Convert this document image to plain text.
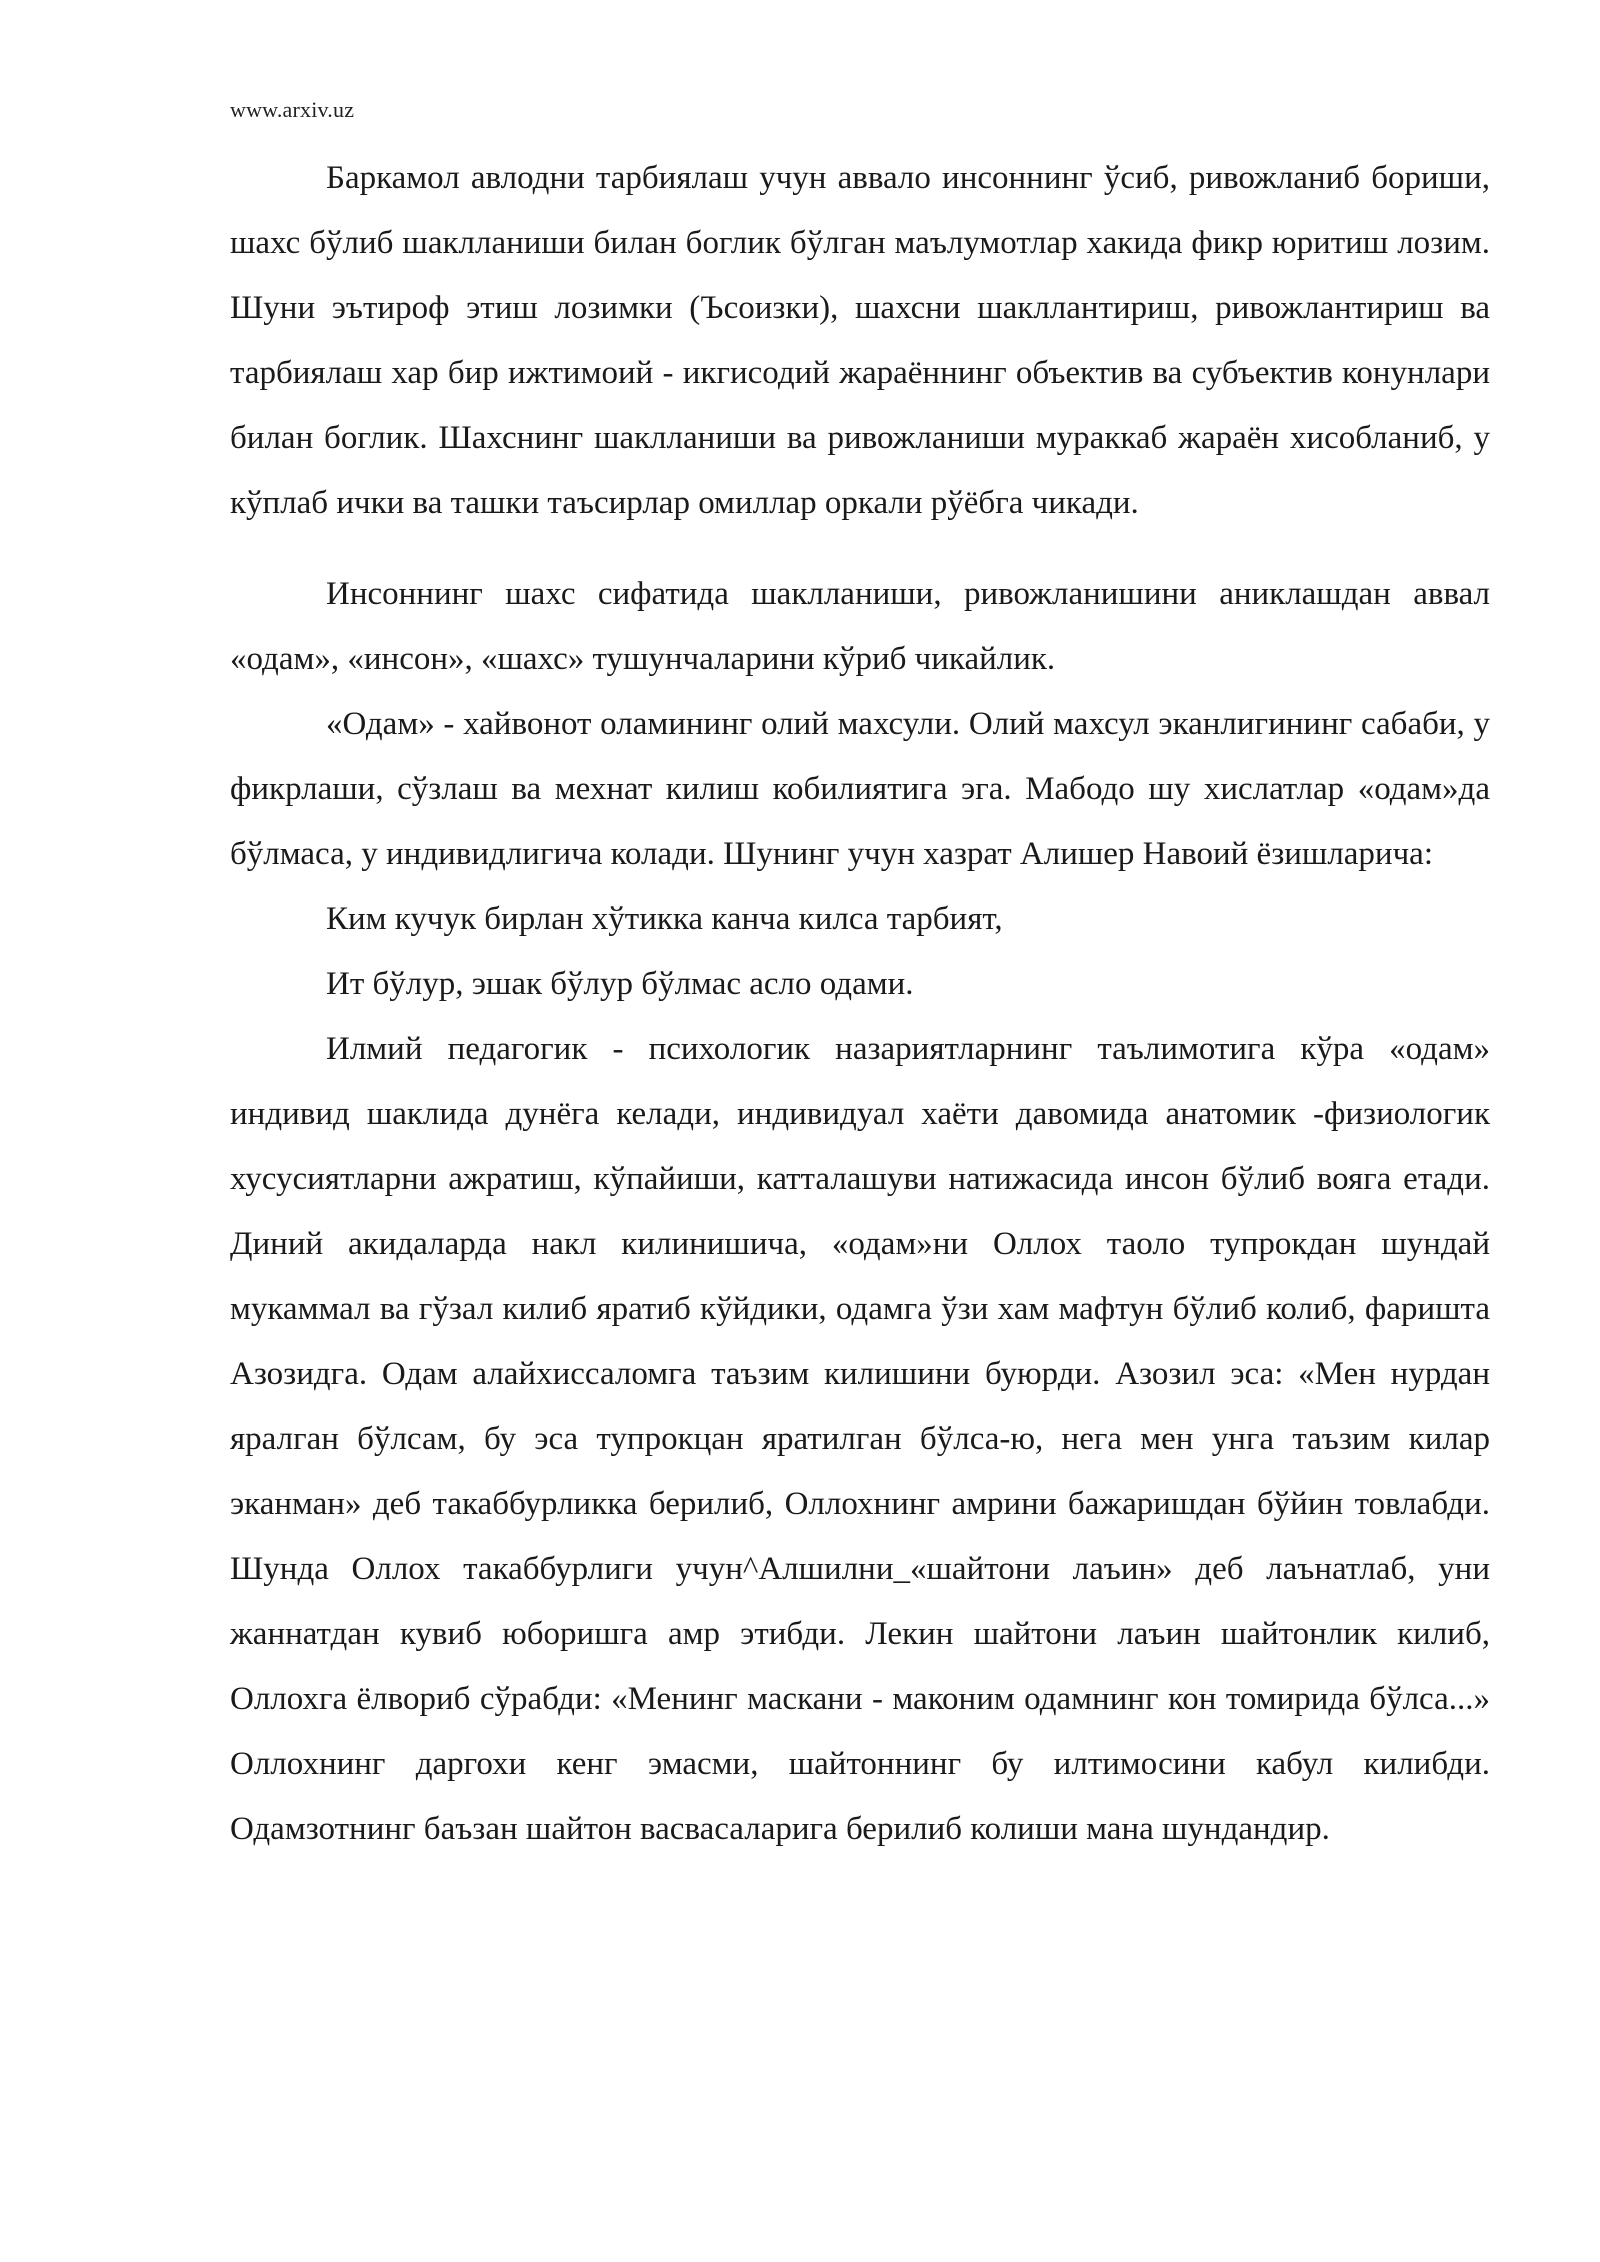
www.arxiv.uz

Баркамол авлодни тарбиялаш учун аввало инсоннинг ўсиб, ривожланиб бориши, шахс бўлиб шаклланиши билан боглик бўлган маълумотлар хакида фикр юритиш лозим. Шуни эътироф этиш лозимки (Ъсоизки), шахсни шакллантириш, ривожлантириш ва тарбиялаш хар бир ижтимоий - икгисодий жараённинг объектив ва субъектив конунлари билан боглик. Шахснинг шаклланиши ва ривожланиши мураккаб жараён хисобланиб, у кўплаб ички ва ташки таъсирлар омиллар оркали рўёбга чикади.

Инсоннинг шахс сифатида шаклланиши, ривожланишини аниклашдан аввал «одам», «инсон», «шахс» тушунчаларини кўриб чикайлик.

«Одам» - хайвонот оламининг олий махсули. Олий махсул эканлигининг сабаби, у фикрлаши, сўзлаш ва мехнат килиш кобилиятига эга. Мабодо шу хислатлар «одам»да бўлмаса, у индивидлигича колади. Шунинг учун хазрат Алишер Навоий ёзишларича:

Ким кучук бирлан хўтикка канча килса тарбият,

Ит бўлур, эшак бўлур бўлмас асло одами.

Илмий педагогик - психологик назариятларнинг таълимотига кўра «одам» индивид шаклида дунёга келади, индивидуал хаёти давомида анатомик -физиологик хусусиятларни ажратиш, кўпайиши, катталашуви натижасида инсон бўлиб вояга етади. Диний акидаларда накл килинишича, «одам»ни Оллох таоло тупрокдан шундай мукаммал ва гўзал килиб яратиб кўйдики, одамга ўзи хам мафтун бўлиб колиб, фаришта Азозидга. Одам алайхиссаломга таъзим килишини буюрди. Азозил эса: «Мен нурдан яралган бўлсам, бу эса тупрокцан яратилган бўлса-ю, нега мен унга таъзим килар эканман» деб такаббурликка берилиб, Оллохнинг амрини бажаришдан бўйин товлабди. Шунда Оллох такаббурлиги учун^Алшилни_«шайтони лаъин» деб лаънатлаб, уни жаннатдан кувиб юборишга амр этибди. Лекин шайтони лаъин шайтонлик килиб, Оллохга ёлвориб сўрабди: «Менинг маскани - маконим одамнинг кон томирида бўлса...» Оллохнинг даргохи кенг эмасми, шайтоннинг бу илтимосини кабул килибди. Одамзотнинг баъзан шайтон васвасаларига берилиб колиши мана шундандир.
